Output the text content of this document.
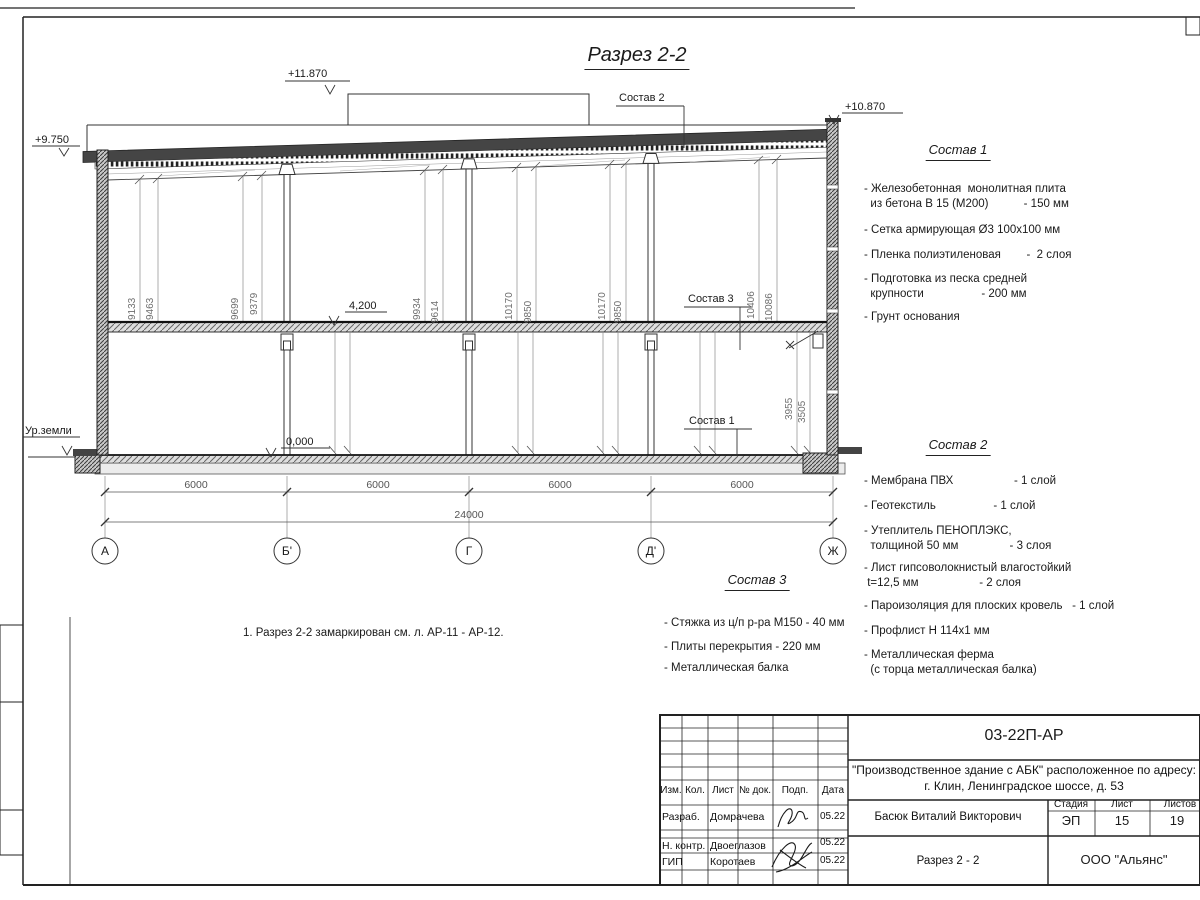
Разрез 2-2
+11.870
+9.750
+10.870
4,200
0,000
Ур.земли
Состав 2
Состав 3
Состав 1
9133 9463	9699 9379	9934 9614	10170 9850	10170 9850	10406 10086
3955 3505
6000	6000	6000	6000
24000
А	Б'	Г	Д'	Ж
1. Разрез 2-2 замаркирован см. л. АР-11 - АР-12.
Состав 1
- Железобетонная  монолитная плита
из бетона В 15 (М200)           - 150 мм
- Сетка армирующая Ø3 100x100 мм
- Пленка полиэтиленовая        -  2 слоя
- Подготовка из песка средней
крупности                  - 200 мм
- Грунт основания
Состав 2
- Мембрана ПВХ                   - 1 слой
- Геотекстиль                  - 1 слой
- Утеплитель ПЕНОПЛЭКС,
толщиной 50 мм                - 3 слоя
- Лист гипсоволокнистый влагостойкий
t=12,5 мм                   - 2 слоя
- Пароизоляция для плоских кровель   - 1 слой
- Профлист Н 114x1 мм
- Металлическая ферма
(с торца металлическая балка)
Состав 3
- Стяжка из ц/п р-ра М150 - 40 мм
- Плиты перекрытия - 220 мм
- Металлическая балка
03-22П-АР
"Производственное здание с АБК" расположенное по адресу:
г. Клин, Ленинградское шоссе, д. 53
Изм. Кол. Лист № док. Подп. Дата
Разраб. Домрачева	05.22
Н. контр. Двоеглазов	05.22
ГИП	Коротаев	05.22
Басюк Виталий Викторович
Разрез 2 - 2
Стадия Лист	Листов
ЭП	15	19
ООО "Альянс"
